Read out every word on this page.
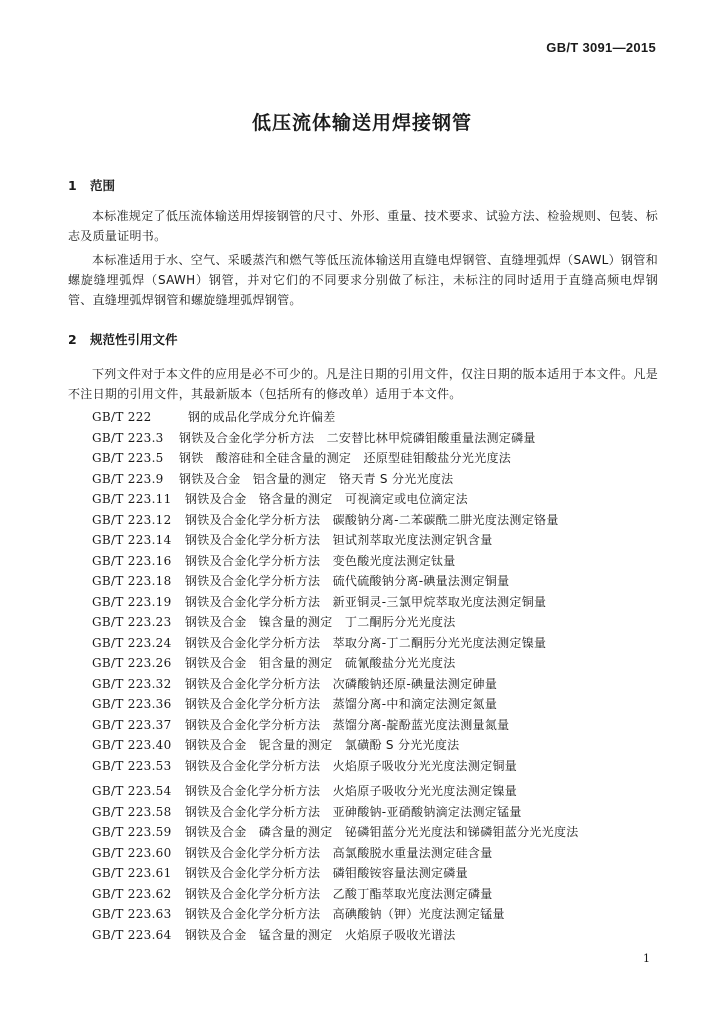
GB/T 3091—2015
低压流体输送用焊接钢管
1 范围
本标准规定了低压流体输送用焊接钢管的尺寸、外形、重量、技术要求、试验方法、检验规则、包装、标志及质量证明书。
本标准适用于水、空气、采暖蒸汽和燃气等低压流体输送用直缝电焊钢管、直缝埋弧焊（SAWL）钢管和螺旋缝埋弧焊（SAWH）钢管，并对它们的不同要求分别做了标注，未标注的同时适用于直缝高频电焊钢管、直缝埋弧焊钢管和螺旋缝埋弧焊钢管。
2 规范性引用文件
下列文件对于本文件的应用是必不可少的。凡是注日期的引用文件，仅注日期的版本适用于本文件。凡是不注日期的引用文件，其最新版本（包括所有的修改单）适用于本文件。
GB/T 222	钢的成品化学成分允许偏差
GB/T 223.3 钢铁及合金化学分析方法　二安替比林甲烷磷钼酸重量法测定磷量
GB/T 223.5 钢铁　酸溶硅和全硅含量的测定　还原型硅钼酸盐分光光度法
GB/T 223.9 钢铁及合金　铝含量的测定　铬天青 S 分光光度法
GB/T 223.11 钢铁及合金　铬含量的测定　可视滴定或电位滴定法
GB/T 223.12 钢铁及合金化学分析方法　碳酸钠分离-二苯碳酰二肼光度法测定铬量
GB/T 223.14 钢铁及合金化学分析方法　钽试剂萃取光度法测定钒含量
GB/T 223.16 钢铁及合金化学分析方法　变色酸光度法测定钛量
GB/T 223.18 钢铁及合金化学分析方法　硫代硫酸钠分离-碘量法测定铜量
GB/T 223.19 钢铁及合金化学分析方法　新亚铜灵-三氯甲烷萃取光度法测定铜量
GB/T 223.23 钢铁及合金　镍含量的测定　丁二酮肟分光光度法
GB/T 223.24 钢铁及合金化学分析方法　萃取分离-丁二酮肟分光光度法测定镍量
GB/T 223.26 钢铁及合金　钼含量的测定　硫氰酸盐分光光度法
GB/T 223.32 钢铁及合金化学分析方法　次磷酸钠还原-碘量法测定砷量
GB/T 223.36 钢铁及合金化学分析方法　蒸馏分离-中和滴定法测定氮量
GB/T 223.37 钢铁及合金化学分析方法　蒸馏分离-靛酚蓝光度法测量氮量
GB/T 223.40 钢铁及合金　铌含量的测定　氯磺酚 S 分光光度法
GB/T 223.53 钢铁及合金化学分析方法　火焰原子吸收分光光度法测定铜量
GB/T 223.54 钢铁及合金化学分析方法　火焰原子吸收分光光度法测定镍量
GB/T 223.58 钢铁及合金化学分析方法　亚砷酸钠-亚硝酸钠滴定法测定锰量
GB/T 223.59 钢铁及合金　磷含量的测定　铋磷钼蓝分光光度法和锑磷钼蓝分光光度法
GB/T 223.60 钢铁及合金化学分析方法　高氯酸脱水重量法测定硅含量
GB/T 223.61 钢铁及合金化学分析方法　磷钼酸铵容量法测定磷量
GB/T 223.62 钢铁及合金化学分析方法　乙酸丁酯萃取光度法测定磷量
GB/T 223.63 钢铁及合金化学分析方法　高碘酸钠（钾）光度法测定锰量
GB/T 223.64 钢铁及合金　锰含量的测定　火焰原子吸收光谱法
1
